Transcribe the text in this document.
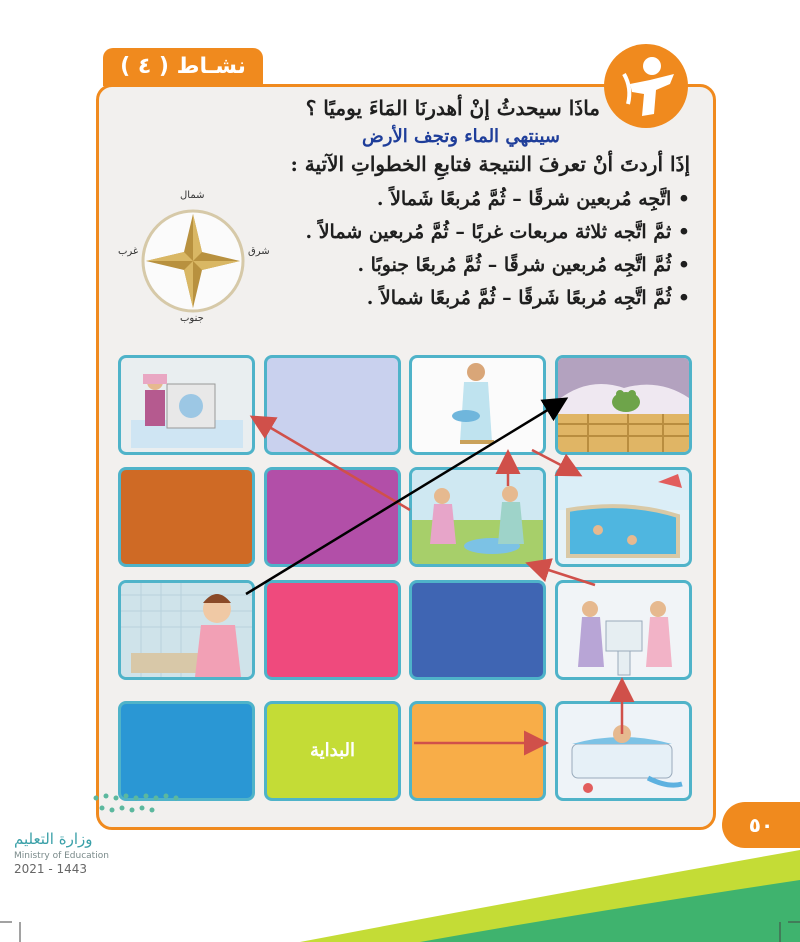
نشـاط ( ٤ )
ماذَا سيحدثُ إنْ أهدرنَا المَاءَ يوميًا ؟
سينتهي الماء وتجف الأرض
إذَا أردتَ أنْ تعرفَ النتيجة فتابعِ الخطواتِ الآتية :
• اتَّجِه مُربعين شرقًا – ثُمَّ مُربعًا شَمالاً .
• ثمَّ اتَّجه ثلاثة مربعات غربًا – ثُمَّ مُربعين شمالاً .
• ثُمَّ اتَّجِه مُربعين شرقًا – ثُمَّ مُربعًا جنوبًا .
• ثُمَّ اتَّجِه مُربعًا شَرقًا – ثُمَّ مُربعًا شمالاً .
شمال
جنوب
شرق
غرب
البداية
٥٠
وزارة التعليم
Ministry of Education
2021 - 1443
